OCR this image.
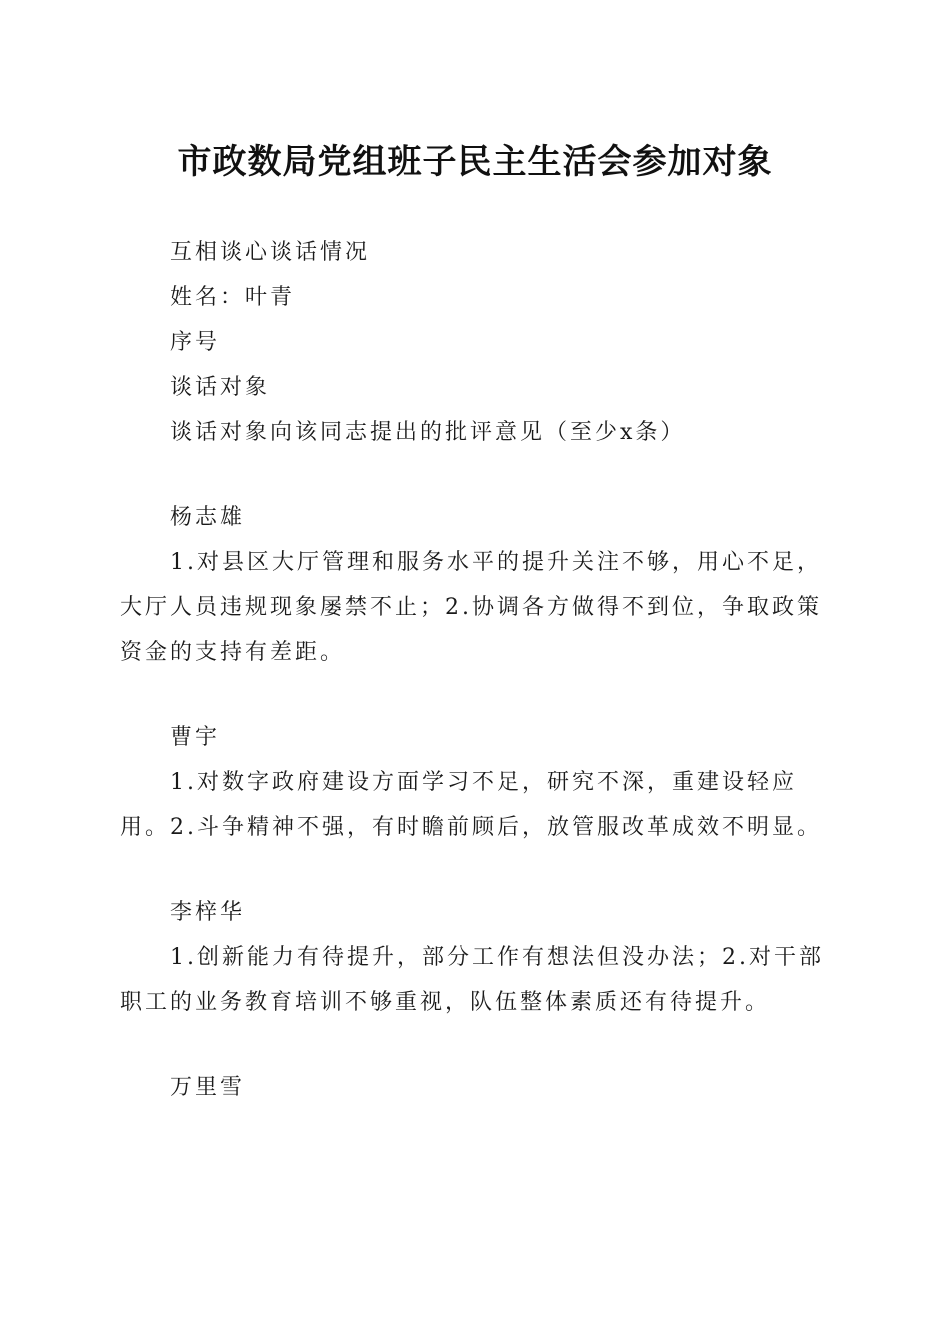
市政数局党组班子民主生活会参加对象

互相谈心谈话情况

姓名：叶青

序号

谈话对象

谈话对象向该同志提出的批评意见（至少x条）

杨志雄

1.对县区大厅管理和服务水平的提升关注不够，用心不足，大厅人员违规现象屡禁不止；2.协调各方做得不到位，争取政策资金的支持有差距。

曹宇

1.对数字政府建设方面学习不足，研究不深，重建设轻应用。2.斗争精神不强，有时瞻前顾后，放管服改革成效不明显。

李梓华

1.创新能力有待提升，部分工作有想法但没办法；2.对干部职工的业务教育培训不够重视，队伍整体素质还有待提升。

万里雪
